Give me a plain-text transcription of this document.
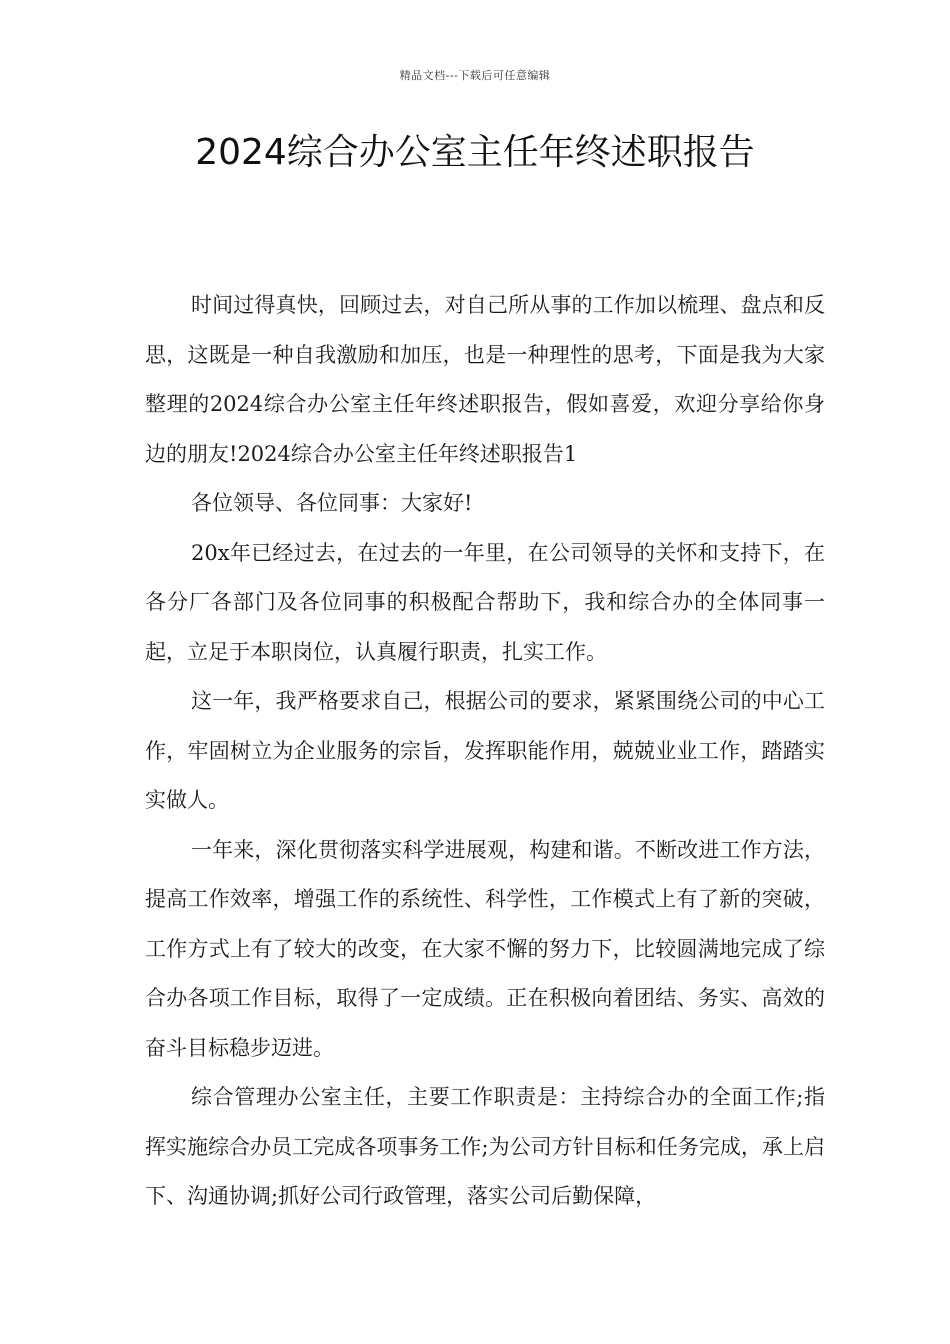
精品文档---下载后可任意编辑
2024综合办公室主任年终述职报告

时间过得真快，回顾过去，对自己所从事的工作加以梳理、盘点和反思，这既是一种自我激励和加压，也是一种理性的思考，下面是我为大家整理的2024综合办公室主任年终述职报告，假如喜爱，欢迎分享给你身边的朋友!2024综合办公室主任年终述职报告1

各位领导、各位同事：大家好!

20x年已经过去，在过去的一年里，在公司领导的关怀和支持下，在各分厂各部门及各位同事的积极配合帮助下，我和综合办的全体同事一起，立足于本职岗位，认真履行职责，扎实工作。

这一年，我严格要求自己，根据公司的要求，紧紧围绕公司的中心工作，牢固树立为企业服务的宗旨，发挥职能作用，兢兢业业工作，踏踏实实做人。

一年来，深化贯彻落实科学进展观，构建和谐。不断改进工作方法，提高工作效率，增强工作的系统性、科学性，工作模式上有了新的突破，工作方式上有了较大的改变，在大家不懈的努力下，比较圆满地完成了综合办各项工作目标，取得了一定成绩。正在积极向着团结、务实、高效的奋斗目标稳步迈进。

综合管理办公室主任，主要工作职责是：主持综合办的全面工作;指挥实施综合办员工完成各项事务工作;为公司方针目标和任务完成，承上启下、沟通协调;抓好公司行政管理，落实公司后勤保障，
